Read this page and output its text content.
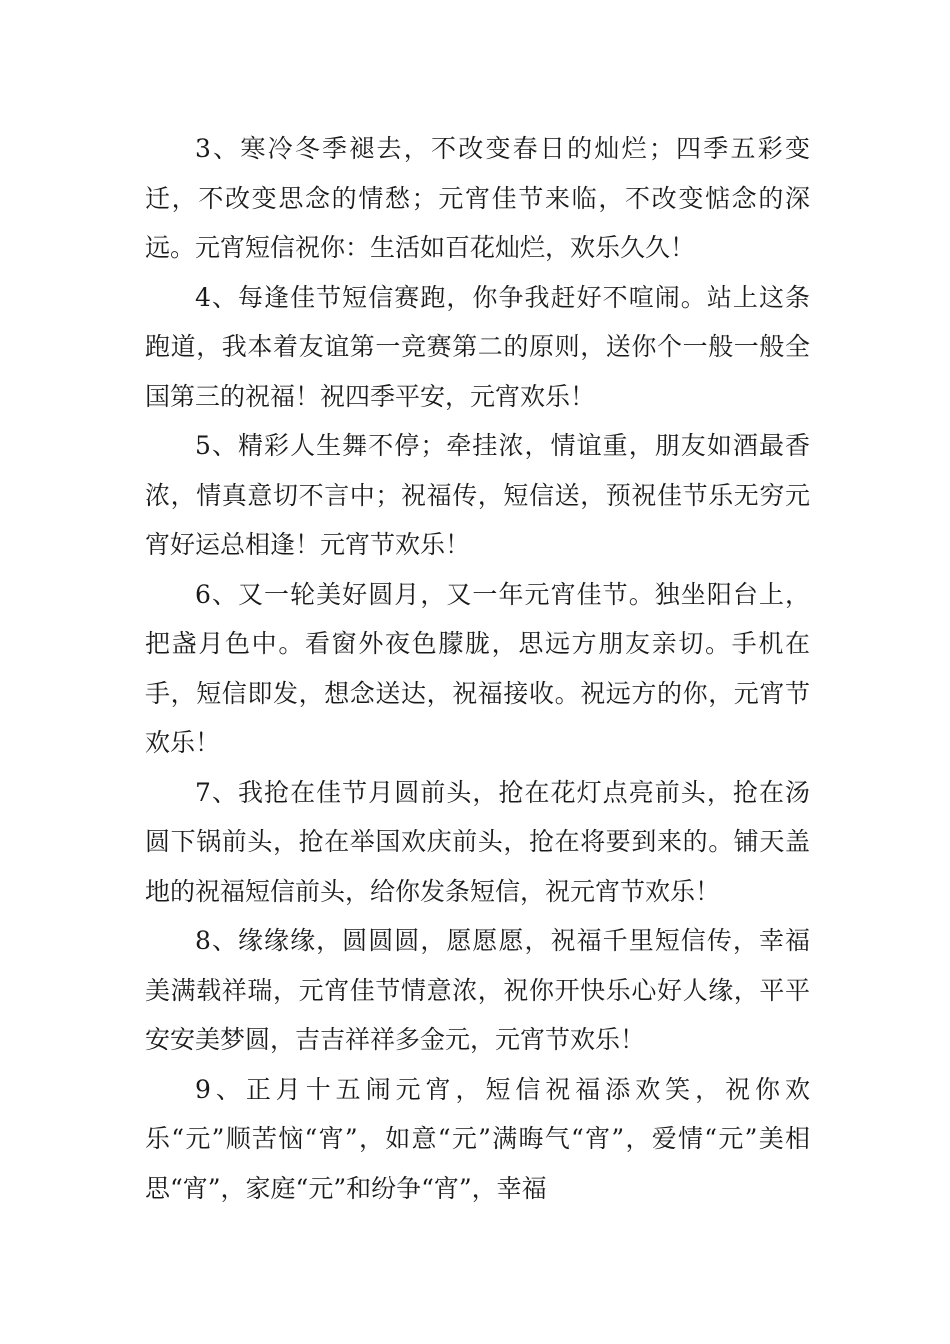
3、寒冷冬季褪去，不改变春日的灿烂；四季五彩变迁，不改变思念的情愁；元宵佳节来临，不改变惦念的深远。元宵短信祝你：生活如百花灿烂，欢乐久久！

4、每逢佳节短信赛跑，你争我赶好不喧闹。站上这条跑道，我本着友谊第一竞赛第二的原则，送你个一般一般全国第三的祝福！祝四季平安，元宵欢乐！

5、精彩人生舞不停；牵挂浓，情谊重，朋友如酒最香浓，情真意切不言中；祝福传，短信送，预祝佳节乐无穷元宵好运总相逢！元宵节欢乐！

6、又一轮美好圆月，又一年元宵佳节。独坐阳台上，把盏月色中。看窗外夜色朦胧，思远方朋友亲切。手机在手，短信即发，想念送达，祝福接收。祝远方的你，元宵节欢乐！

7、我抢在佳节月圆前头，抢在花灯点亮前头，抢在汤圆下锅前头，抢在举国欢庆前头，抢在将要到来的。铺天盖地的祝福短信前头，给你发条短信，祝元宵节欢乐！

8、缘缘缘，圆圆圆，愿愿愿，祝福千里短信传，幸福美满载祥瑞，元宵佳节情意浓，祝你开快乐心好人缘，平平安安美梦圆，吉吉祥祥多金元，元宵节欢乐！

9、正月十五闹元宵，短信祝福添欢笑，祝你欢乐“元”顺苦恼“宵”，如意“元”满晦气“宵”，爱情“元”美相思“宵”，家庭“元”和纷争“宵”，幸福
